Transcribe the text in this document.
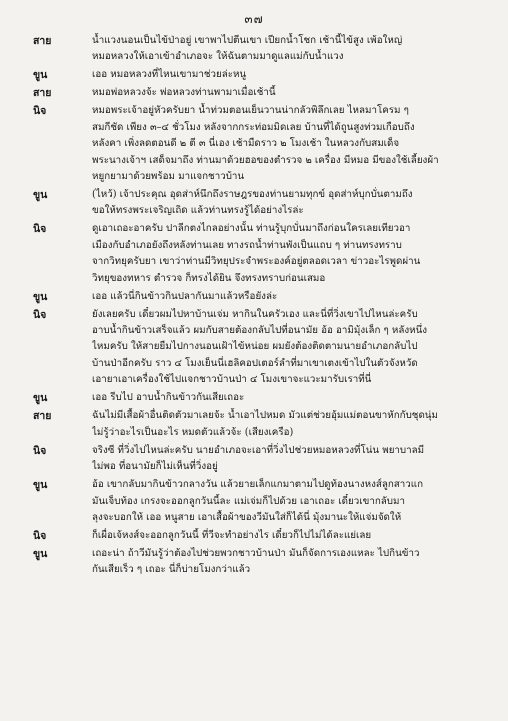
๓๗
สาย	น้ำแวงนอนเป็นไข้ป่าอยู่ เขาพาไปตีนเขา เปียกน้ำโชก เช้านี้ไข้สูง เพ้อใหญ่
หมอหลวงให้เอาเข้าอำเภอจะ ให้ฉันตามมาดูแลแม่กับน้ำแวง
ขูน	เออ หมอหลวงที่ไหนเขามาช่วยล่ะหนู
สาย	หมอพ่อหลวงจ้ะ พ่อหลวงท่านพามาเมื่อเช้านี้
นิจ	หมอพระเจ้าอยู่หัวครับยา น้ำท่วมตอนเย็นวานน่ากลัวพิลึกเลย ไหลมาโครม ๆ
สมกีชัด เพียง ๓–๔ ชั่วโมง หลังจากกระท่อมมิดเลย บ้านที่ได้ถูนสูงท่วมเกือบถึง
หลังคา เพิ่งลดตอนดี ๒ ตี ๓ นี่เอง เช้ามืดราว ๒ โมงเช้า ในหลวงกับสมเด็จ
พระนางเจ้าฯ เสด็จมาถึง ท่านมาด้วยฮอของตำรวจ ๒ เครื่อง มีหมอ มีของใช้เลี้ยงผ้า
หยูกยามาด้วยพร้อม มาแจกชาวบ้าน
ขูน	(ไหว้) เจ้าประคุณ อุดส่าห์นึกถึงราษฎรของท่านยามทุกข์ อุดส่าห์บุกบั่นตามถึง
ขอให้ทรงพระเจริญเถิด แล้วท่านทรงรู้ได้อย่างไรล่ะ
นิจ	ดูเอาเถอะอาครับ ปาลีกตงไกลอย่างนั้น ท่านรู้บุกบั่นมาถึงก่อนใครเลยเทียวอา
เมืองกับอำเภอยังถึงหลังท่านเลย ทางรถน้ำท่านพังเป็นแถบ ๆ ท่านทรงทราบ
จากวิทยุครับยา เขาว่าท่านมีวิทยุประจำพระองค์อยู่ตลอดเวลา ข่าวอะไรพูดผ่าน
วิทยุของทหาร ตำรวจ ก็ทรงได้ยิน จึงทรงทราบก่อนเสมอ
ขูน	เออ แล้วนี่กินข้าวกินปลากันมาแล้วหรือยังล่ะ
นิจ	ยังเลยครับ เดี๋ยวผมไปหาบ้านเจ่ม หากินในครัวเอง และนี่ที่วิ่งเขาไปไหนล่ะครับ
อาบน้ำกินข้าวเสร็จแล้ว ผมกับสายต้องกลับไปที่อนามัย อ้อ อามิมุ้งเล็ก ๆ หลังหนึ่ง
ไหมครับ ให้สายยืมไปกางนอนเฝ้าไข้หน่อย ผมยังต้องติดตามนายอำเภอกลับไป
บ้านป่าอีกครับ ราว ๔ โมงเย็นนี่เฮลิคอปเตอร์ลำที่มาเขาเตงเข้าไปในตัวจังหวัด
เอายาเอาเครื่องใช้ไปแจกชาวบ้านป่า ๔ โมงเขาจะแวะมารับเราที่นี่
ขูน	เออ รีบไป อาบน้ำกินข้าวกันเสียเถอะ
สาย	ฉันไม่มีเสื้อผ้าอื่นติดตัวมาเลยจ้ะ น้ำเอาไปหมด มัวแต่ช่วยอุ้มแม่ตอนขาหักกับชุดนุ่ม
ไม่รู้ว่าอะไรเป็นอะไร หมดตัวแล้วจ้ะ (เสียงเครือ)
นิจ	จริงซี ที่วิ่งไปไหนล่ะครับ นายอำเภอจะเอาที่วิ่งไปช่วยหมอหลวงที่โน่น พยาบาลมี
ไม่พอ ที่อนามัยก็ไม่เห็นที่วิ่งอยู่
ขูน	อ้อ เขากลับมากินข้าวกลางวัน แล้วยายเล็กแกมาตามไปดูท้องนางหงส์ลูกสาวแก
มันเจ็บท้อง เกรงจะออกลูกวันนี้ละ แม่เจ่มก็ไปด้วย เอาเถอะ เดี๋ยวเขากลับมา
ลุงจะบอกให้ เออ หนูสาย เอาเสื้อผ้าของวีมันใส่ก็ได้นี่ มุ้งมานะให้แจ่มจัดให้
นิจ	ก็เผื่อเจ้หงส์จะออกลูกวันนี้ ที่วีจะทำอย่างไร เดี๋ยวก็ไปไม่ได้ละแย่เลย
ขูน	เถอะน่า ถ้าวีมันรู้ว่าต้องไปช่วยพวกชาวบ้านป่า มันก็จัดการเองแหละ ไปกินข้าว
กันเสียเร็ว ๆ เถอะ นี่ก็บ่ายโมงกว่าแล้ว
